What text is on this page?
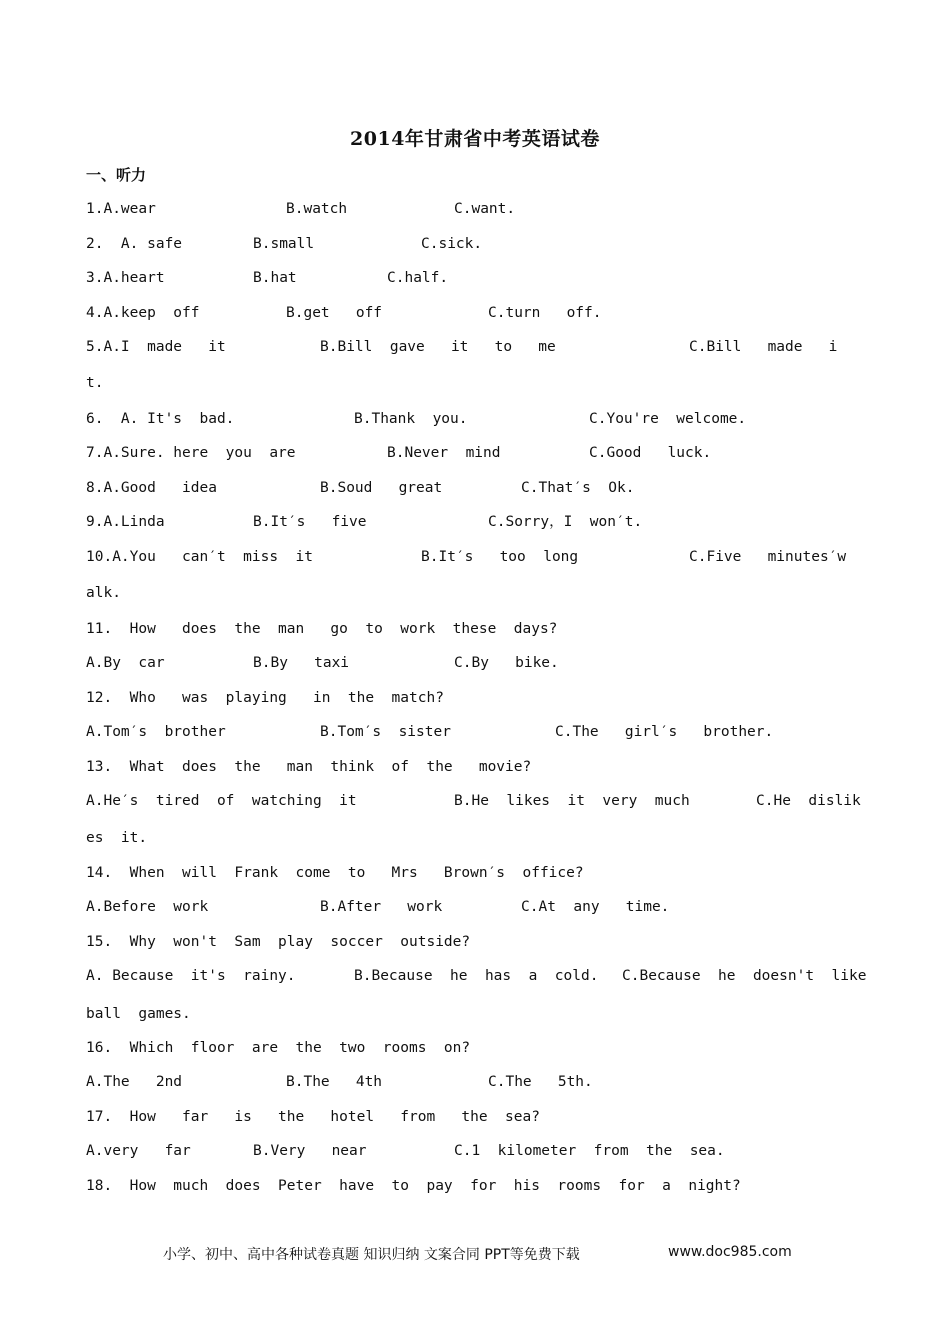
2014年甘肃省中考英语试卷
一、听力
1.A.wear	B.watch	C.want.
2.  A. safe	B.small	C.sick.
3.A.heart	B.hat	C.half.
4.A.keep  off	B.get   off	C.turn   off.
5.A.I  made   it	B.Bill  gave   it   to   me	C.Bill   made   i
t.
6.  A. It's  bad.	B.Thank  you.	C.You're  welcome.
7.A.Sure. here  you  are	B.Never  mind	C.Good   luck.
8.A.Good   idea	B.Soud   great	C.That′s  Ok.
9.A.Linda	B.It′s   five	C.Sorry，I  won′t.
10.A.You   can′t  miss  it	B.It′s   too  long	C.Five   minutes′w
alk.
11.  How   does  the  man   go  to  work  these  days?
A.By  car	B.By   taxi	C.By   bike.
12.  Who   was  playing   in  the  match?
A.Tom′s  brother	B.Tom′s  sister	C.The   girl′s   brother.
13.  What  does  the   man  think  of  the   movie?
A.He′s  tired  of  watching  it	B.He  likes  it  very  much	C.He  dislik
es  it.
14.  When  will  Frank  come  to   Mrs   Brown′s  office?
A.Before  work	B.After   work	C.At  any   time.
15.  Why  won't  Sam  play  soccer  outside?
A. Because  it's  rainy.	B.Because  he  has  a  cold. C.Because  he  doesn't  like
ball  games.
16.  Which  floor  are  the  two  rooms  on?
A.The   2nd	B.The   4th	C.The   5th.
17.  How   far   is   the   hotel   from   the  sea?
A.very   far	B.Very   near	C.1  kilometer  from  the  sea.
18.  How  much  does  Peter  have  to  pay  for  his  rooms  for  a  night?
小学、初中、高中各种试卷真题 知识归纳 文案合同 PPT等免费下载	www.doc985.com
